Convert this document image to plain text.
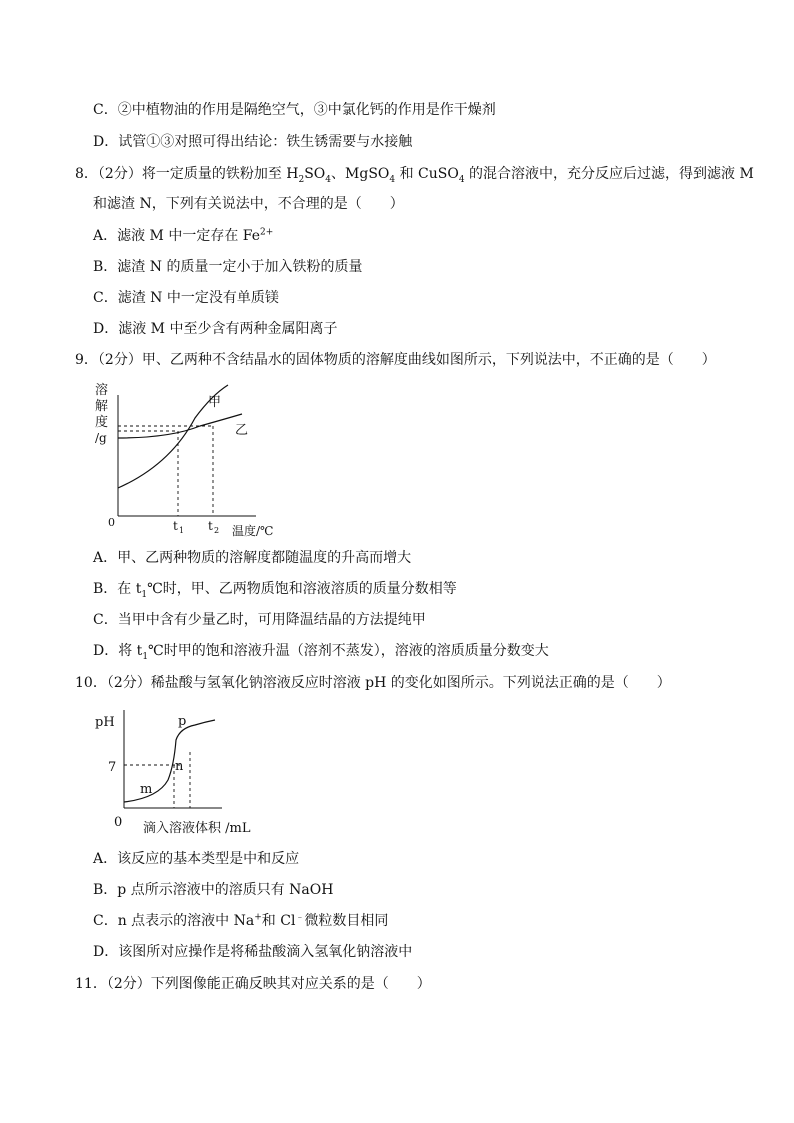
C．②中植物油的作用是隔绝空气，③中氯化钙的作用是作干燥剂
D．试管①③对照可得出结论：铁生锈需要与水接触
8．（2分）将一定质量的铁粉加至 $H_2SO_4$、MgSO$_4$ 和 CuSO$_4$ 的混合溶液中，充分反应后过滤，得到滤液 M
和滤渣 N，下列有关说法中，不合理的是（　　）
A．滤液 M 中一定存在 $Fe^{2+}$
B．滤渣 N 的质量一定小于加入铁粉的质量
C．滤渣 N 中一定没有单质镁
D．滤液 M 中至少含有两种金属阳离子
9．（2分）甲、乙两种不含结晶水的固体物质的溶解度曲线如图所示，下列说法中，不正确的是（　　）
溶
解
度
/g
0	t 1 t 2 温度/℃
甲
乙
pH
7
0
m
n
p
滴入溶液体积 /mL
A．甲、乙两种物质的溶解度都随温度的升高而增大
B．在 $t_1℃$时，甲、乙两物质饱和溶液溶质的质量分数相等
C．当甲中含有少量乙时，可用降温结晶的方法提纯甲
D．将 $t_1℃$时甲的饱和溶液升温（溶剂不蒸发），溶液的溶质质量分数变大
10．（2分）稀盐酸与氢氧化钠溶液反应时溶液 pH 的变化如图所示。下列说法正确的是（　　）
A．该反应的基本类型是中和反应
B．p 点所示溶液中的溶质只有 NaOH
C．n 点表示的溶液中 Na+和 Cl﹣微粒数目相同
D．该图所对应操作是将稀盐酸滴入氢氧化钠溶液中
11．（2分）下列图像能正确反映其对应关系的是（　　）
